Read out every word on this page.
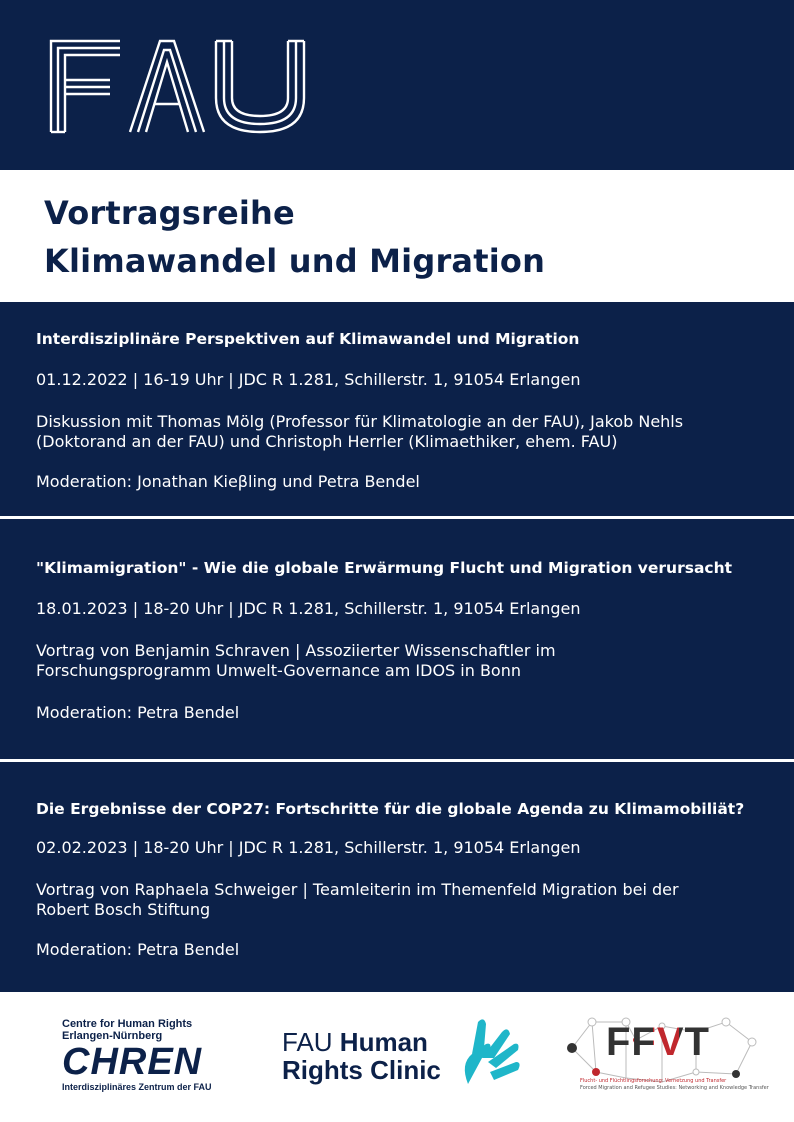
Vortragsreihe
Klimawandel und Migration
Interdisziplinäre Perspektiven auf Klimawandel und Migration
01.12.2022 | 16-19 Uhr | JDC R 1.281, Schillerstr. 1, 91054 Erlangen
Diskussion mit Thomas Mölg (Professor für Klimatologie an der FAU), Jakob Nehls
(Doktorand an der FAU) und Christoph Herrler (Klimaethiker, ehem. FAU)
Moderation: Jonathan Kieβling und Petra Bendel
"Klimamigration" - Wie die globale Erwärmung Flucht und Migration verursacht
18.01.2023 | 18-20 Uhr | JDC R 1.281, Schillerstr. 1, 91054 Erlangen
Vortrag von Benjamin Schraven | Assoziierter Wissenschaftler im
Forschungsprogramm Umwelt-Governance am IDOS in Bonn
Moderation: Petra Bendel
Die Ergebnisse der COP27: Fortschritte für die globale Agenda zu Klimamobiliät?
02.02.2023 | 18-20 Uhr | JDC R 1.281, Schillerstr. 1, 91054 Erlangen
Vortrag von Raphaela Schweiger | Teamleiterin im Themenfeld Migration bei der
Robert Bosch Stiftung
Moderation: Petra Bendel
Centre for Human Rights
Erlangen-Nürnberg
CHREN
Interdisziplinäres Zentrum der FAU
FAU Human
Rights Clinic
FFVT
Flucht- und Flüchtlingsforschung: Vernetzung und Transfer
Forced Migration and Refugee Studies: Networking and Knowledge Transfer
